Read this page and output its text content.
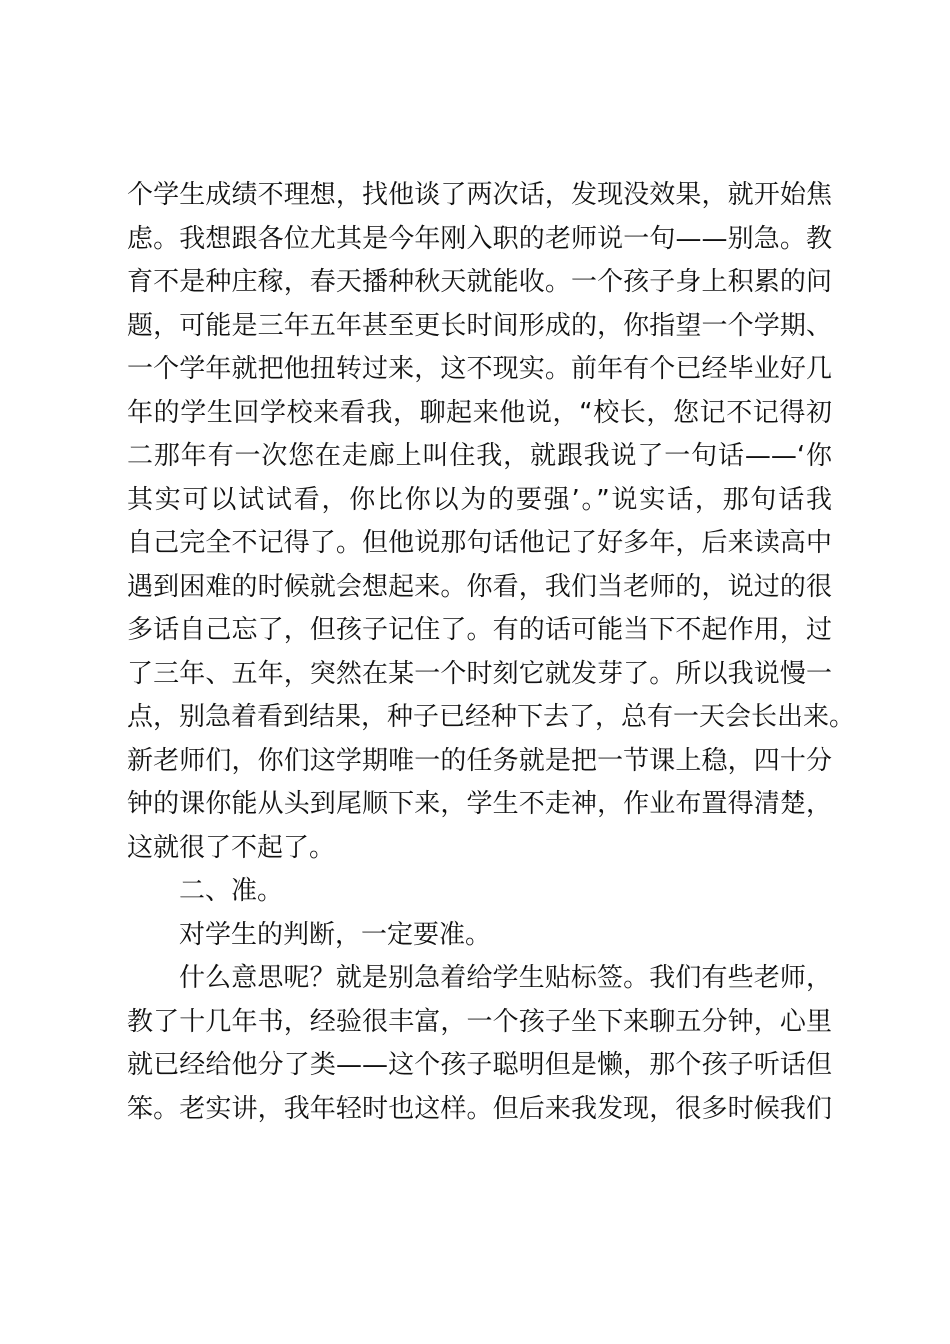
个学生成绩不理想，找他谈了两次话，发现没效果，就开始焦
虑。我想跟各位尤其是今年刚入职的老师说一句——别急。教
育不是种庄稼，春天播种秋天就能收。一个孩子身上积累的问
题，可能是三年五年甚至更长时间形成的，你指望一个学期、
一个学年就把他扭转过来，这不现实。前年有个已经毕业好几
年的学生回学校来看我，聊起来他说，“校长，您记不记得初
二那年有一次您在走廊上叫住我，就跟我说了一句话——‘你
其实可以试试看，你比你以为的要强’。”说实话，那句话我
自己完全不记得了。但他说那句话他记了好多年，后来读高中
遇到困难的时候就会想起来。你看，我们当老师的，说过的很
多话自己忘了，但孩子记住了。有的话可能当下不起作用，过
了三年、五年，突然在某一个时刻它就发芽了。所以我说慢一
点，别急着看到结果，种子已经种下去了，总有一天会长出来。
新老师们，你们这学期唯一的任务就是把一节课上稳，四十分
钟的课你能从头到尾顺下来，学生不走神，作业布置得清楚，
这就很了不起了。
二、准。
对学生的判断，一定要准。
什么意思呢？就是别急着给学生贴标签。我们有些老师，
教了十几年书，经验很丰富，一个孩子坐下来聊五分钟，心里
就已经给他分了类——这个孩子聪明但是懒，那个孩子听话但
笨。老实讲，我年轻时也这样。但后来我发现，很多时候我们
